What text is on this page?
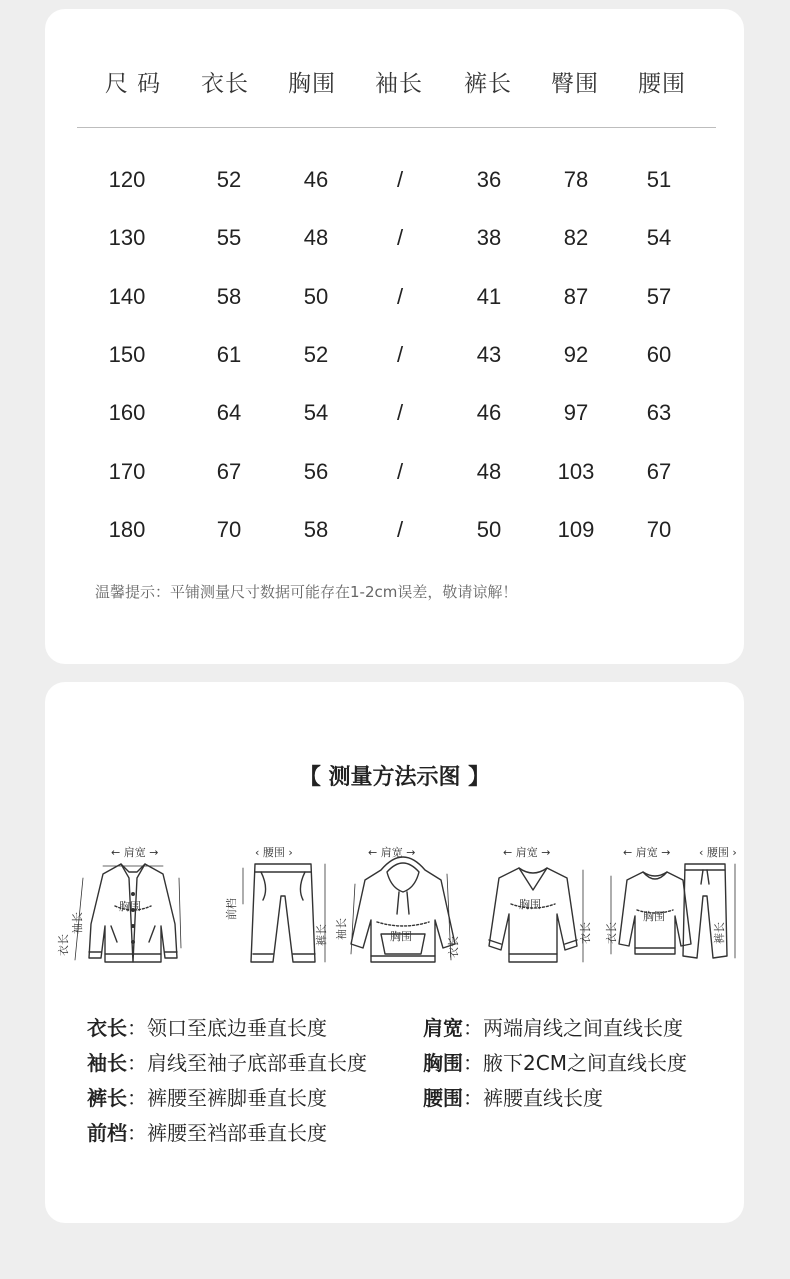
尺 码 衣长 胸围 袖长 裤长 臀围 腰围
120	52	46	/	36	78	51
130	55	48	/	38	82	54
140	58	50	/	41	87	57
150	61	52	/	43	92	60
160	64	54	/	46	97	63
170	67	56	/	48	103 67
180	70	58	/	50	109 70
温馨提示：平铺测量尺寸数据可能存在1-2cm误差，敬请谅解！
【 测量方法示图 】
← 肩宽 →	‹ 腰围 ›	← 肩宽 →	← 肩宽 →	← 肩宽 →	‹ 腰围 ›
胸围
胸围
胸围
胸围
衣长
袖长
前档
裤长 袖长
衣长
衣长 衣长	裤长
衣长：领口至底边垂直长度	肩宽：两端肩线之间直线长度
袖长：肩线至袖子底部垂直长度	胸围：腋下2CM之间直线长度
裤长：裤腰至裤脚垂直长度	腰围：裤腰直线长度
前档：裤腰至裆部垂直长度
